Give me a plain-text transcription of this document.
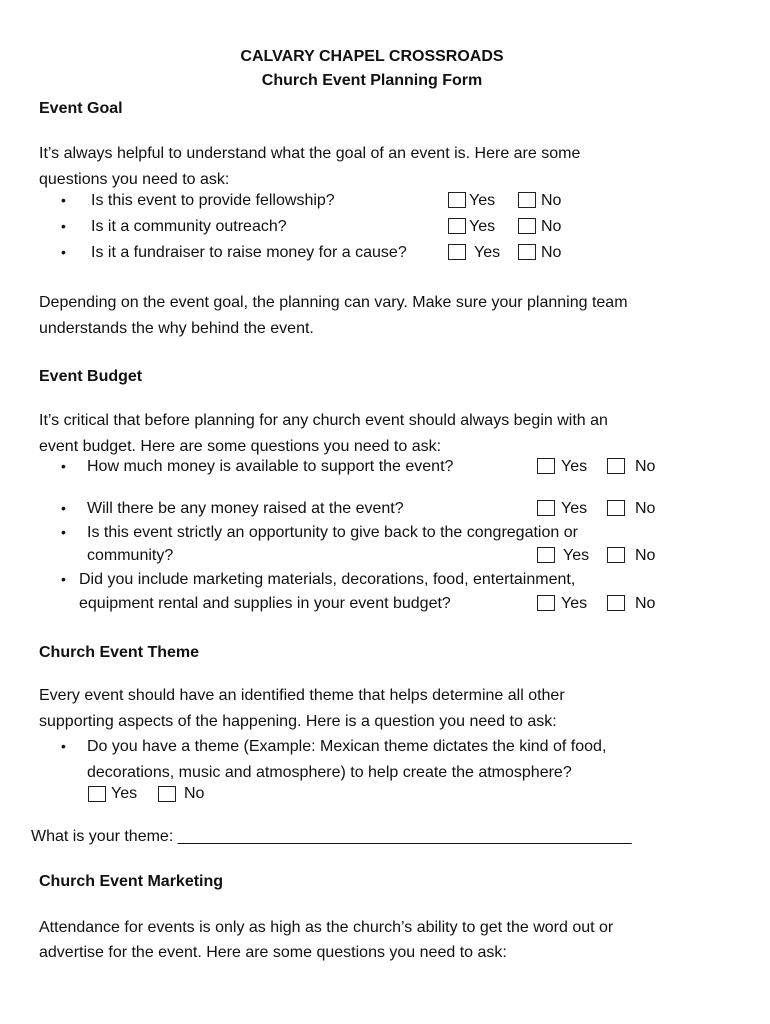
CALVARY CHAPEL CROSSROADS
Church Event Planning Form
Event Goal
It’s always helpful to understand what the goal of an event is. Here are some
questions you need to ask:
• Is this event to provide fellowship?	Yes	No
• Is it a community outreach?	Yes	No
• Is it a fundraiser to raise money for a cause?	Yes	No
Depending on the event goal, the planning can vary. Make sure your planning team
understands the why behind the event.
Event Budget
It’s critical that before planning for any church event should always begin with an
event budget. Here are some questions you need to ask:
• How much money is available to support the event?	Yes	No
• Will there be any money raised at the event?	Yes	No
• Is this event strictly an opportunity to give back to the congregation or
community?	Yes	No
• Did you include marketing materials, decorations, food, entertainment,
equipment rental and supplies in your event budget?	Yes	No
Church Event Theme
Every event should have an identified theme that helps determine all other
supporting aspects of the happening. Here is a question you need to ask:
• Do you have a theme (Example: Mexican theme dictates the kind of food,
decorations, music and atmosphere) to help create the atmosphere?
Yes	No
What is your theme: ___________________________________________________
Church Event Marketing
Attendance for events is only as high as the church’s ability to get the word out or
advertise for the event. Here are some questions you need to ask:
